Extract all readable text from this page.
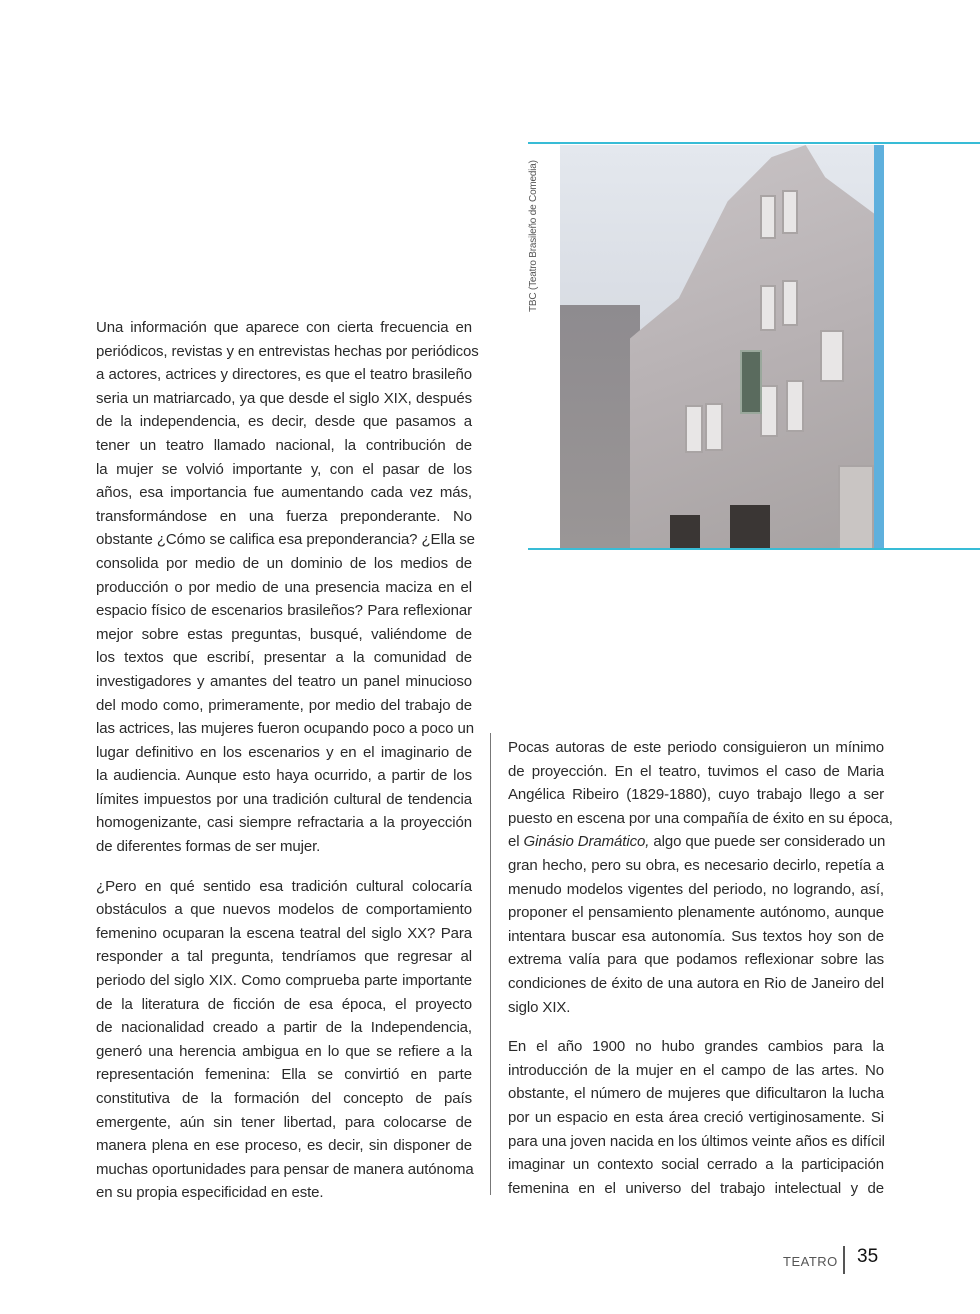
TBC (Teatro Brasileño de Comedia)
Una información que aparece con cierta frecuencia en
periódicos, revistas y en entrevistas hechas por periódicos
a actores, actrices y directores, es que el teatro brasileño
seria un matriarcado, ya que desde el siglo XIX, después
de la independencia, es decir, desde que pasamos a
tener un teatro llamado nacional, la contribución de
la mujer se volvió importante y, con el pasar de los
años, esa importancia fue aumentando cada vez más,
transformándose en una fuerza preponderante. No
obstante ¿Cómo se califica esa preponderancia? ¿Ella se
consolida por medio de un dominio de los medios de
producción o por medio de una presencia maciza en el
espacio físico de escenarios brasileños? Para reflexionar
mejor sobre estas preguntas, busqué, valiéndome de
los textos que escribí, presentar a la comunidad de
investigadores y amantes del teatro un panel minucioso
del modo como, primeramente, por medio del trabajo de
las actrices, las mujeres fueron ocupando poco a poco un
lugar definitivo en los escenarios y en el imaginario de
la audiencia. Aunque esto haya ocurrido, a partir de los
límites impuestos por una tradición cultural de tendencia
homogenizante, casi siempre refractaria a la proyección
de diferentes formas de ser mujer.
¿Pero en qué sentido esa tradición cultural colocaría
obstáculos a que nuevos modelos de comportamiento
femenino ocuparan la escena teatral del siglo XX? Para
responder a tal pregunta, tendríamos que regresar al
periodo del siglo XIX. Como comprueba parte importante
de la literatura de ficción de esa época, el proyecto
de nacionalidad creado a partir de la Independencia,
generó una herencia ambigua en lo que se refiere a la
representación femenina: Ella se convirtió en parte
constitutiva de la formación del concepto de país
emergente, aún sin tener libertad, para colocarse de
manera plena en ese proceso, es decir, sin disponer de
muchas oportunidades para pensar de manera autónoma
en su propia especificidad en este.
Pocas autoras de este periodo consiguieron un mínimo
de proyección. En el teatro, tuvimos el caso de Maria
Angélica Ribeiro (1829-1880), cuyo trabajo llego a ser
puesto en escena por una compañía de éxito en su época,
el Ginásio Dramático, algo que puede ser considerado un
gran hecho, pero su obra, es necesario decirlo, repetía a
menudo modelos vigentes del periodo, no logrando, así,
proponer el pensamiento plenamente autónomo, aunque
intentara buscar esa autonomía. Sus textos hoy son de
extrema valía para que podamos reflexionar sobre las
condiciones de éxito de una autora en Rio de Janeiro del
siglo XIX.
En el año 1900 no hubo grandes cambios para la
introducción de la mujer en el campo de las artes. No
obstante, el número de mujeres que dificultaron la lucha
por un espacio en esta área creció vertiginosamente. Si
para una joven nacida en los últimos veinte años es difícil
imaginar un contexto social cerrado a la participación
femenina en el universo del trabajo intelectual y de
TEATRO 35
